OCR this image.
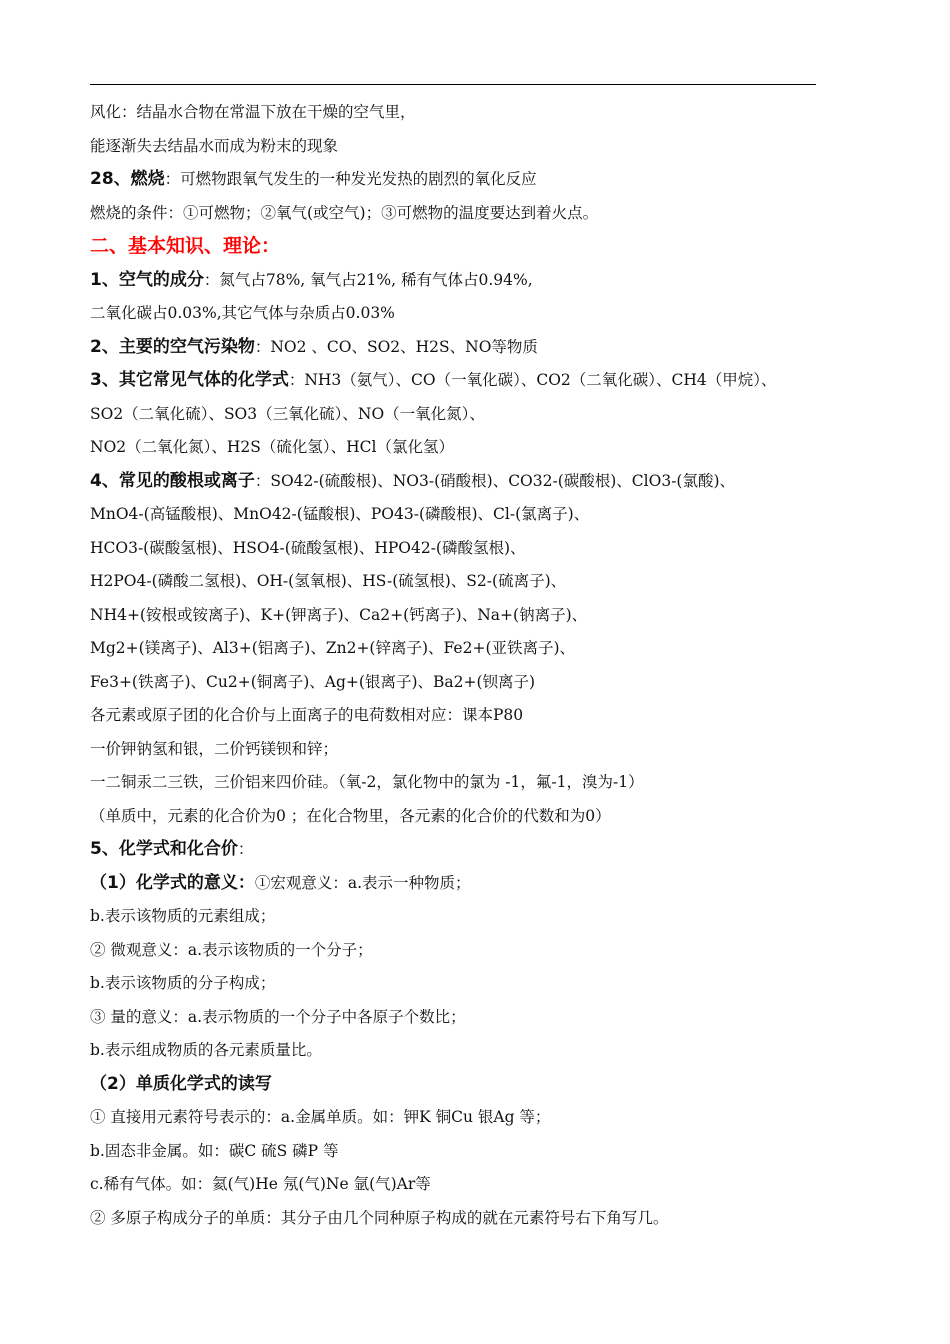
风化：结晶水合物在常温下放在干燥的空气里，
能逐渐失去结晶水而成为粉末的现象
28、燃烧：可燃物跟氧气发生的一种发光发热的剧烈的氧化反应
燃烧的条件：①可燃物；②氧气(或空气)；③可燃物的温度要达到着火点。
二、基本知识、理论：
1、空气的成分：氮气占78%, 氧气占21%, 稀有气体占0.94%,
二氧化碳占0.03%,其它气体与杂质占0.03%
2、主要的空气污染物：NO2 、CO、SO2、H2S、NO等物质
3、其它常见气体的化学式：NH3（氨气）、CO（一氧化碳）、CO2（二氧化碳）、CH4（甲烷）、
SO2（二氧化硫）、SO3（三氧化硫）、NO（一氧化氮）、
NO2（二氧化氮）、H2S（硫化氢）、HCl（氯化氢）
4、常见的酸根或离子：SO42-(硫酸根)、NO3-(硝酸根)、CO32-(碳酸根)、ClO3-(氯酸)、
MnO4-(高锰酸根)、MnO42-(锰酸根)、PO43-(磷酸根)、Cl-(氯离子)、
HCO3-(碳酸氢根)、HSO4-(硫酸氢根)、HPO42-(磷酸氢根)、
H2PO4-(磷酸二氢根)、OH-(氢氧根)、HS-(硫氢根)、S2-(硫离子)、
NH4+(铵根或铵离子)、K+(钾离子)、Ca2+(钙离子)、Na+(钠离子)、
Mg2+(镁离子)、Al3+(铝离子)、Zn2+(锌离子)、Fe2+(亚铁离子)、
Fe3+(铁离子)、Cu2+(铜离子)、Ag+(银离子)、Ba2+(钡离子)
各元素或原子团的化合价与上面离子的电荷数相对应：课本P80
一价钾钠氢和银，二价钙镁钡和锌；
一二铜汞二三铁，三价铝来四价硅。（氧-2，氯化物中的氯为 -1，氟-1，溴为-1）
（单质中，元素的化合价为0 ；在化合物里，各元素的化合价的代数和为0）
5、化学式和化合价：
（1）化学式的意义：①宏观意义：a.表示一种物质；
b.表示该物质的元素组成；
② 微观意义：a.表示该物质的一个分子；
b.表示该物质的分子构成；
③ 量的意义：a.表示物质的一个分子中各原子个数比；
b.表示组成物质的各元素质量比。
（2）单质化学式的读写
① 直接用元素符号表示的：a.金属单质。如：钾K 铜Cu 银Ag 等；
b.固态非金属。如：碳C 硫S 磷P 等
c.稀有气体。如：氦(气)He 氖(气)Ne 氩(气)Ar等
② 多原子构成分子的单质：其分子由几个同种原子构成的就在元素符号右下角写几。
